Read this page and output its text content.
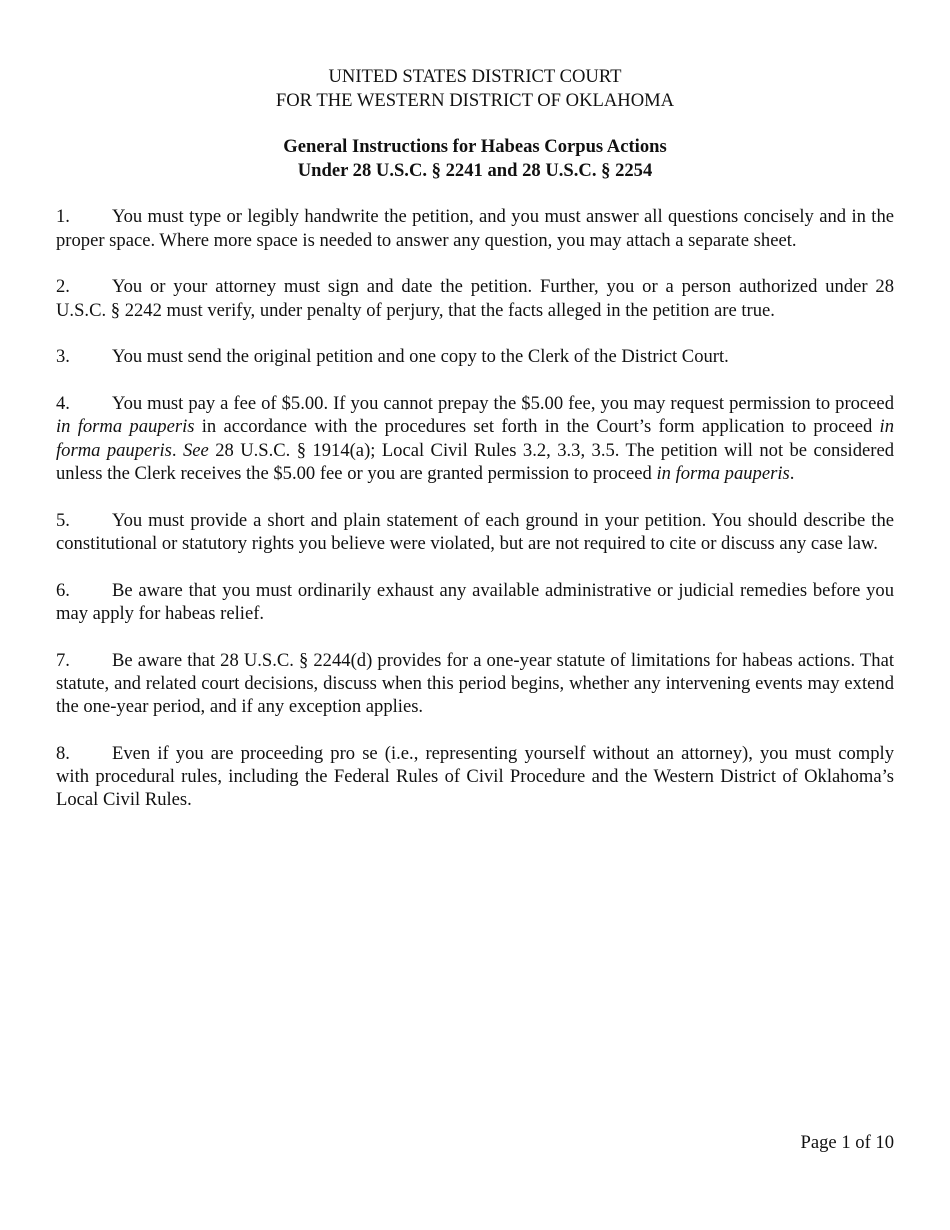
UNITED STATES DISTRICT COURT
FOR THE WESTERN DISTRICT OF OKLAHOMA

General Instructions for Habeas Corpus Actions
Under 28 U.S.C. § 2241 and 28 U.S.C. § 2254

1. You must type or legibly handwrite the petition, and you must answer all questions concisely and in the proper space. Where more space is needed to answer any question, you may attach a separate sheet.

2. You or your attorney must sign and date the petition. Further, you or a person authorized under 28 U.S.C. § 2242 must verify, under penalty of perjury, that the facts alleged in the petition are true.

3. You must send the original petition and one copy to the Clerk of the District Court.

4. You must pay a fee of $5.00. If you cannot prepay the $5.00 fee, you may request permission to proceed in forma pauperis in accordance with the procedures set forth in the Court’s form application to proceed in forma pauperis. See 28 U.S.C. § 1914(a); Local Civil Rules 3.2, 3.3, 3.5. The petition will not be considered unless the Clerk receives the $5.00 fee or you are granted permission to proceed in forma pauperis.

5. You must provide a short and plain statement of each ground in your petition. You should describe the constitutional or statutory rights you believe were violated, but are not required to cite or discuss any case law.

6. Be aware that you must ordinarily exhaust any available administrative or judicial remedies before you may apply for habeas relief.

7. Be aware that 28 U.S.C. § 2244(d) provides for a one-year statute of limitations for habeas actions. That statute, and related court decisions, discuss when this period begins, whether any intervening events may extend the one-year period, and if any exception applies.

8. Even if you are proceeding pro se (i.e., representing yourself without an attorney), you must comply with procedural rules, including the Federal Rules of Civil Procedure and the Western District of Oklahoma’s Local Civil Rules.

Page 1 of 10
